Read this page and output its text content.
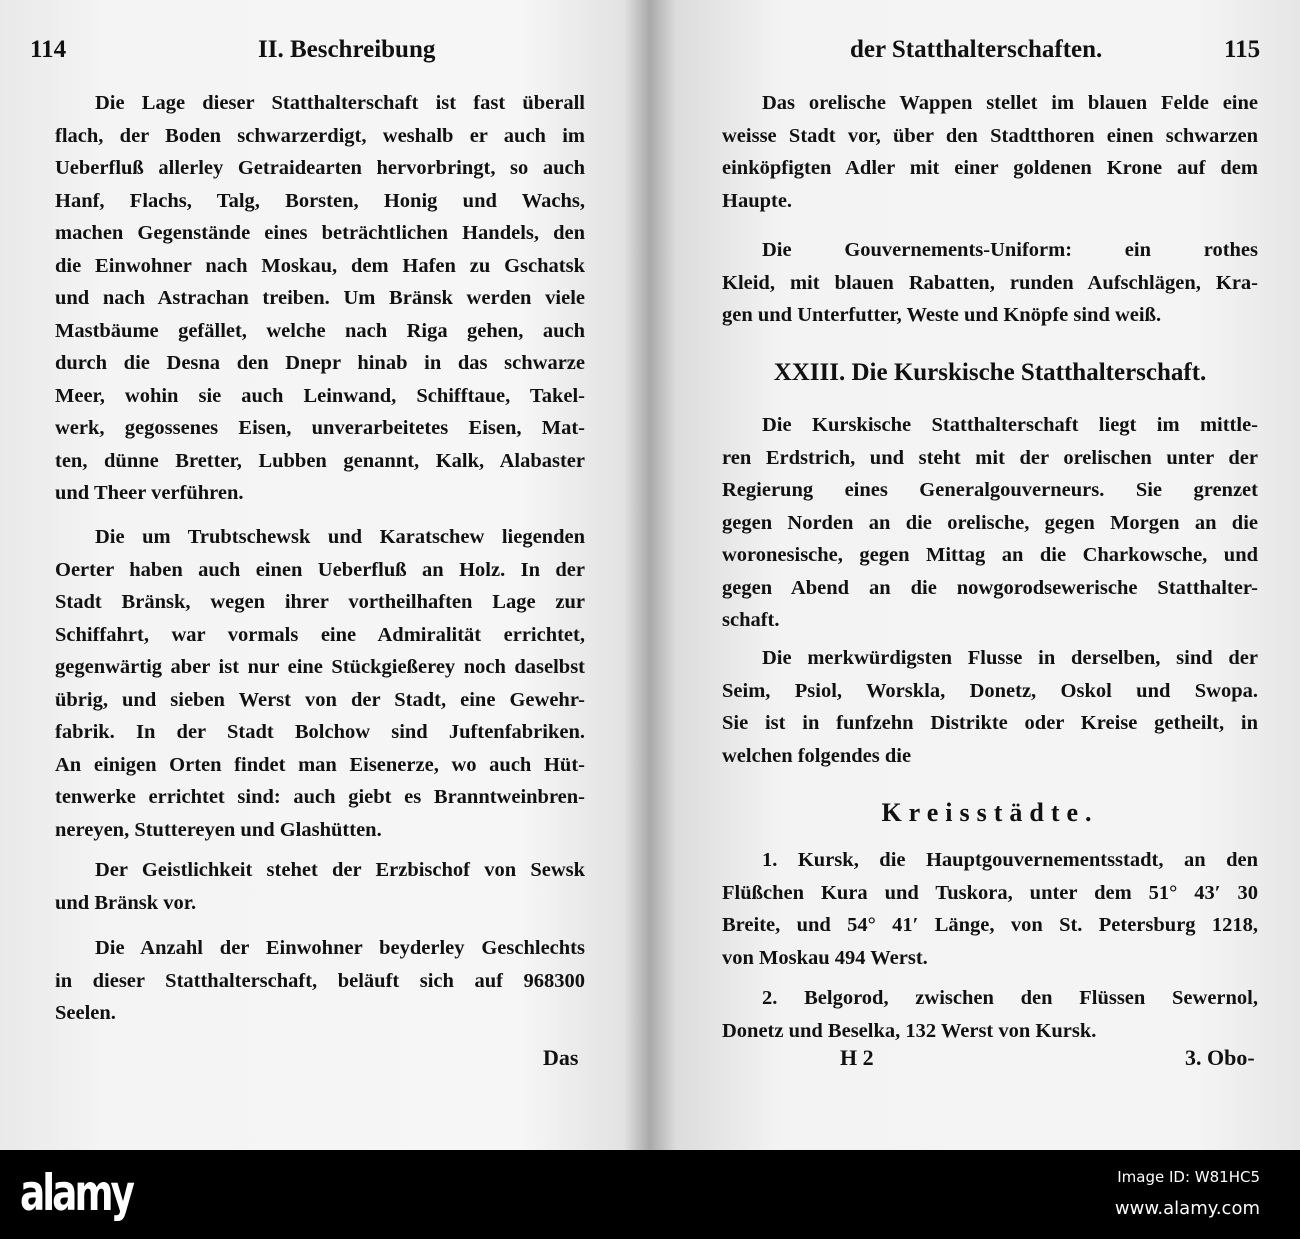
114	II. Beschreibung
Die Lage dieser Statthalterschaft ist fast überall
flach, der Boden schwarzerdigt, weshalb er auch im
Ueberfluß allerley Getraidearten hervorbringt, so auch
Hanf, Flachs, Talg, Borsten, Honig und Wachs,
machen Gegenstände eines beträchtlichen Handels, den
die Einwohner nach Moskau, dem Hafen zu Gschatsk
und nach Astrachan treiben. Um Bränsk werden viele
Mastbäume gefället, welche nach Riga gehen, auch
durch die Desna den Dnepr hinab in das schwarze
Meer, wohin sie auch Leinwand, Schifftaue, Takel-
werk, gegossenes Eisen, unverarbeitetes Eisen, Mat-
ten, dünne Bretter, Lubben genannt, Kalk, Alabaster
und Theer verführen.
Die um Trubtschewsk und Karatschew liegenden
Oerter haben auch einen Ueberfluß an Holz. In der
Stadt Bränsk, wegen ihrer vortheilhaften Lage zur
Schiffahrt, war vormals eine Admiralität errichtet,
gegenwärtig aber ist nur eine Stückgießerey noch daselbst
übrig, und sieben Werst von der Stadt, eine Gewehr-
fabrik. In der Stadt Bolchow sind Juftenfabriken.
An einigen Orten findet man Eisenerze, wo auch Hüt-
tenwerke errichtet sind: auch giebt es Branntweinbren-
nereyen, Stuttereyen und Glashütten.
Der Geistlichkeit stehet der Erzbischof von Sewsk
und Bränsk vor.
Die Anzahl der Einwohner beyderley Geschlechts
in dieser Statthalterschaft, beläuft sich auf 968300
Seelen.
Das
der Statthalterschaften.	115
Das orelische Wappen stellet im blauen Felde eine
weisse Stadt vor, über den Stadtthoren einen schwarzen
einköpfigten Adler mit einer goldenen Krone auf dem
Haupte.
Die Gouvernements-Uniform: ein rothes
Kleid, mit blauen Rabatten, runden Aufschlägen, Kra-
gen und Unterfutter, Weste und Knöpfe sind weiß.
XXIII. Die Kurskische Statthalterschaft.
Die Kurskische Statthalterschaft liegt im mittle-
ren Erdstrich, und steht mit der orelischen unter der
Regierung eines Generalgouverneurs. Sie grenzet
gegen Norden an die orelische, gegen Morgen an die
woronesische, gegen Mittag an die Charkowsche, und
gegen Abend an die nowgorodsewerische Statthalter-
schaft.
Die merkwürdigsten Flusse in derselben, sind der
Seim, Psiol, Worskla, Donetz, Oskol und Swopa.
Sie ist in funfzehn Distrikte oder Kreise getheilt, in
welchen folgendes die
Kreisstädte.
1. Kursk, die Hauptgouvernementsstadt, an den
Flüßchen Kura und Tuskora, unter dem 51° 43′ 30
Breite, und 54° 41′ Länge, von St. Petersburg 1218,
von Moskau 494 Werst.
2. Belgorod, zwischen den Flüssen Sewernol,
Donetz und Beselka, 132 Werst von Kursk.
H 2	3. Obo-
alamy	Image ID: W81HC5
www.alamy.com
